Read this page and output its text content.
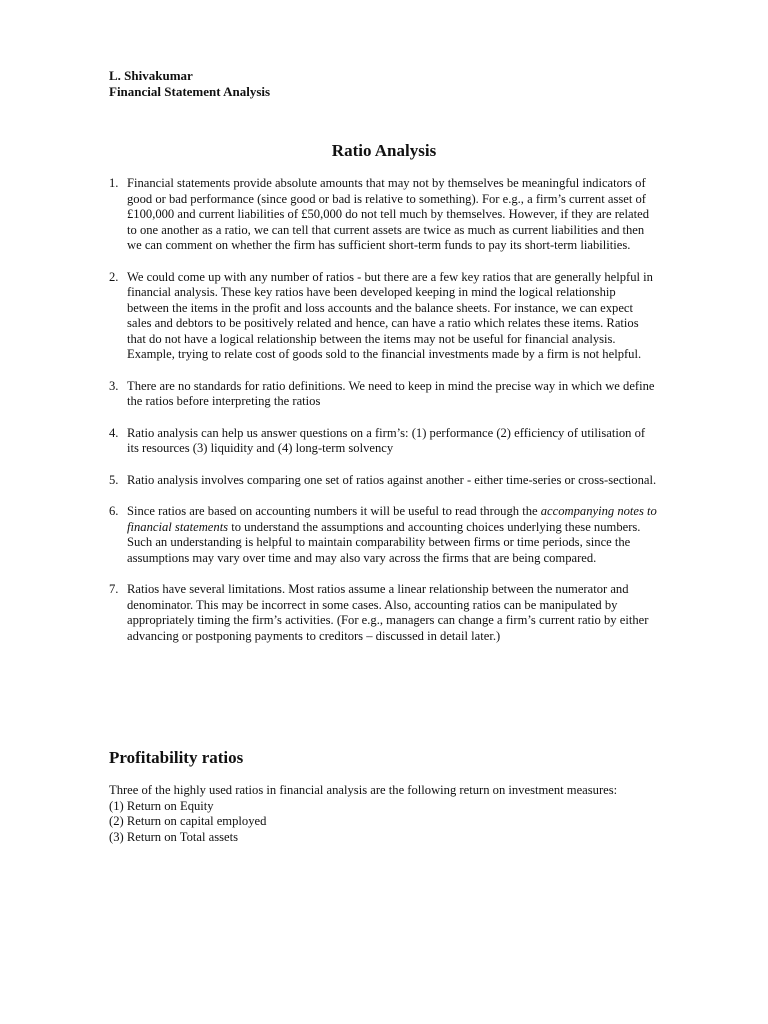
L. Shivakumar
Financial Statement Analysis
Ratio Analysis
1. Financial statements provide absolute amounts that may not by themselves be meaningful indicators of good or bad performance (since good or bad is relative to something). For e.g., a firm’s current asset of £100,000 and current liabilities of £50,000 do not tell much by themselves. However, if they are related to one another as a ratio, we can tell that current assets are twice as much as current liabilities and then we can comment on whether the firm has sufficient short-term funds to pay its short-term liabilities.
2. We could come up with any number of ratios - but there are a few key ratios that are generally helpful in financial analysis. These key ratios have been developed keeping in mind the logical relationship between the items in the profit and loss accounts and the balance sheets. For instance, we can expect sales and debtors to be positively related and hence, can have a ratio which relates these items. Ratios that do not have a logical relationship between the items may not be useful for financial analysis. Example, trying to relate cost of goods sold to the financial investments made by a firm is not helpful.
3. There are no standards for ratio definitions. We need to keep in mind the precise way in which we define the ratios before interpreting the ratios
4. Ratio analysis can help us answer questions on a firm’s: (1) performance (2) efficiency of utilisation of its resources (3) liquidity and (4) long-term solvency
5. Ratio analysis involves comparing one set of ratios against another - either time-series or cross-sectional.
6. Since ratios are based on accounting numbers it will be useful to read through the accompanying notes to financial statements to understand the assumptions and accounting choices underlying these numbers. Such an understanding is helpful to maintain comparability between firms or time periods, since the assumptions may vary over time and may also vary across the firms that are being compared.
7. Ratios have several limitations. Most ratios assume a linear relationship between the numerator and denominator. This may be incorrect in some cases. Also, accounting ratios can be manipulated by appropriately timing the firm’s activities. (For e.g., managers can change a firm’s current ratio by either advancing or postponing payments to creditors – discussed in detail later.)
Profitability ratios
Three of the highly used ratios in financial analysis are the following return on investment measures:
(1) Return on Equity
(2) Return on capital employed
(3) Return on Total assets
